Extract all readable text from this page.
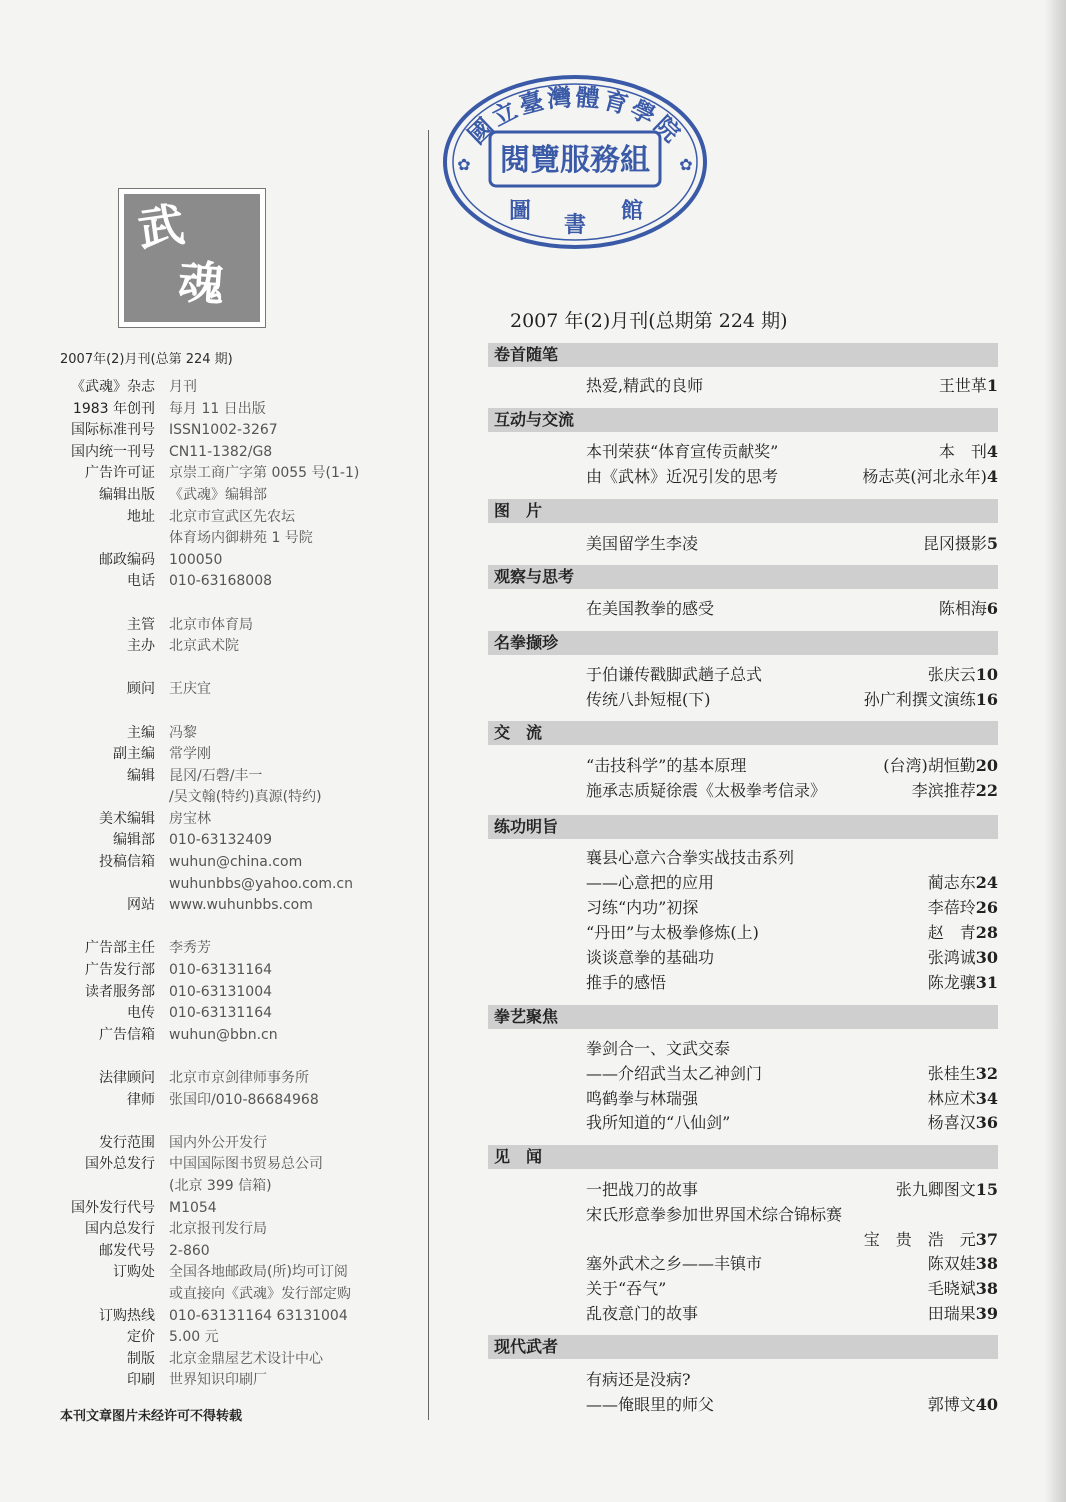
武
魂
2007年(2)月刊(总第 224 期)
《武魂》杂志	月刊
1983 年创刊	每月 11 日出版
国际标准刊号	ISSN1002-3267
国内统一刊号	CN11-1382/G8
广告许可证	京崇工商广字第 0055 号(1-1)
编辑出版	《武魂》编辑部
地址	北京市宣武区先农坛
体育场内御耕苑 1 号院
邮政编码	100050
电话	010-63168008
主管	北京市体育局
主办	北京武术院
顾问	王庆宜
主编	冯黎
副主编	常学刚
编辑	昆冈/石磬/丰一
/吴文翰(特约)真源(特约)
美术编辑	房宝林
编辑部	010-63132409
投稿信箱	wuhun@china.com
wuhunbbs@yahoo.com.cn
网站	www.wuhunbbs.com
广告部主任	李秀芳
广告发行部	010-63131164
读者服务部	010-63131004
电传	010-63131164
广告信箱	wuhun@bbn.cn
法律顾问	北京市京剑律师事务所
律师	张国印/010-86684968
发行范围	国内外公开发行
国外总发行	中国国际图书贸易总公司
(北京 399 信箱)
国外发行代号	M1054
国内总发行	北京报刊发行局
邮发代号	2-860
订购处	全国各地邮政局(所)均可订阅
或直接向《武魂》发行部定购
订购热线	010-63131164 63131004
定价	5.00 元
制版	北京金鼎屋艺术设计中心
印刷	世界知识印刷厂
本刊文章图片未经许可不得转载
國立臺灣體育學院
閱覽服務組
圖
書
館
✿	✿
2007 年(2)月刊(总期第 224 期)
卷首随笔
热爱,精武的良师	王世革1
互动与交流
本刊荣获“体育宣传贡献奖”	本　刊4
由《武林》近况引发的思考	杨志英(河北永年)4
图　片
美国留学生李凌	昆冈摄影5
观察与思考
在美国教拳的感受	陈相海6
名拳撷珍
于伯谦传戳脚武趟子总式	张庆云10
传统八卦短棍(下)	孙广利撰文演练16
交　流
“击技科学”的基本原理	(台湾)胡恒勤20
施承志质疑徐震《太极拳考信录》	李滨推荐22
练功明旨
襄县心意六合拳实战技击系列
——心意把的应用	蔺志东24
习练“内功”初探	李蓓玲26
“丹田”与太极拳修炼(上)	赵　青28
谈谈意拳的基础功	张鸿诚30
推手的感悟	陈龙骧31
拳艺聚焦
拳剑合一、文武交泰
——介绍武当太乙神剑门	张桂生32
鸣鹤拳与林瑞强	林应术34
我所知道的“八仙剑”	杨喜汉36
见　闻
一把战刀的故事	张九卿图文15
宋氏形意拳参加世界国术综合锦标赛
宝　贵　浩　元37
塞外武术之乡——丰镇市	陈双娃38
关于“吞气”	毛晓斌38
乱夜意门的故事	田瑞果39
现代武者
有病还是没病?
——俺眼里的师父	郭博文40
